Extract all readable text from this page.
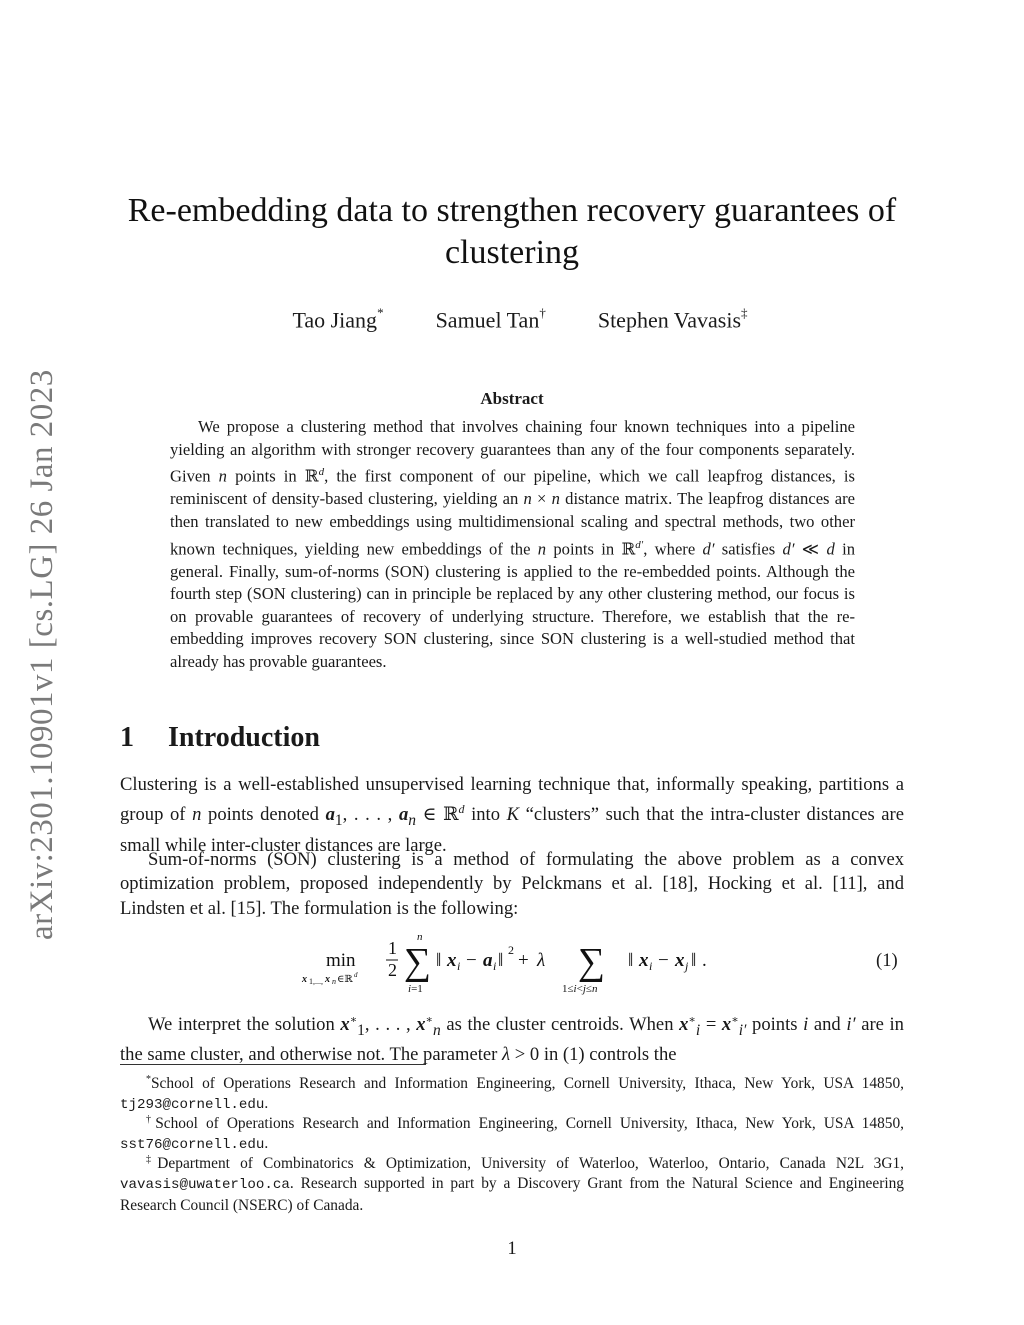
arXiv:2301.10901v1 [cs.LG] 26 Jan 2023
Re-embedding data to strengthen recovery guarantees of clustering
Tao Jiang* Samuel Tan† Stephen Vavasis‡
Abstract
We propose a clustering method that involves chaining four known techniques into a pipeline yielding an algorithm with stronger recovery guarantees than any of the four components separately. Given n points in ℝ$^d$, the first component of our pipeline, which we call leapfrog distances, is reminiscent of density-based clustering, yielding an n × n distance matrix. The leapfrog distances are then translated to new embeddings using multidimensional scaling and spectral methods, two other known techniques, yielding new embeddings of the n points in ℝ$^{d'}$, where d′ satisfies d′ ≪ d in general. Finally, sum-of-norms (SON) clustering is applied to the re-embedded points. Although the fourth step (SON clustering) can in principle be replaced by any other clustering method, our focus is on provable guarantees of recovery of underlying structure. Therefore, we establish that the re-embedding improves recovery SON clustering, since SON clustering is a well-studied method that already has provable guarantees.
1 Introduction
Clustering is a well-established unsupervised learning technique that, informally speaking, partitions a group of n points denoted $a_1$, . . . , $a_n$ ∈ ℝ$^d$ into K “clusters” such that the intra-cluster distances are small while inter-cluster distances are large.
Sum-of-norms (SON) clustering is a method of formulating the above problem as a convex optimization problem, proposed independently by Pelckmans et al. [18], Hocking et al. [11], and Lindsten et al. [15]. The formulation is the following:
min
x 1,..., x n ∈ℝ d
1
2
n
∑
i=1
‖ x i − a i ‖ 2 + λ ∑
1≤i<j≤n
‖ x i − x j ‖ .	(1)
We interpret the solution $x^∗_1$, . . . , $x^∗_n$ as the cluster centroids. When $x^∗_i = x^∗_{i'}$ points i and i′ are in the same cluster, and otherwise not. The parameter λ > 0 in (1) controls the
*School of Operations Research and Information Engineering, Cornell University, Ithaca, New York, USA 14850, tj293@cornell.edu.
†School of Operations Research and Information Engineering, Cornell University, Ithaca, New York, USA 14850, sst76@cornell.edu.
‡Department of Combinatorics & Optimization, University of Waterloo, Waterloo, Ontario, Canada N2L 3G1, vavasis@uwaterloo.ca. Research supported in part by a Discovery Grant from the Natural Science and Engineering Research Council (NSERC) of Canada.
1
